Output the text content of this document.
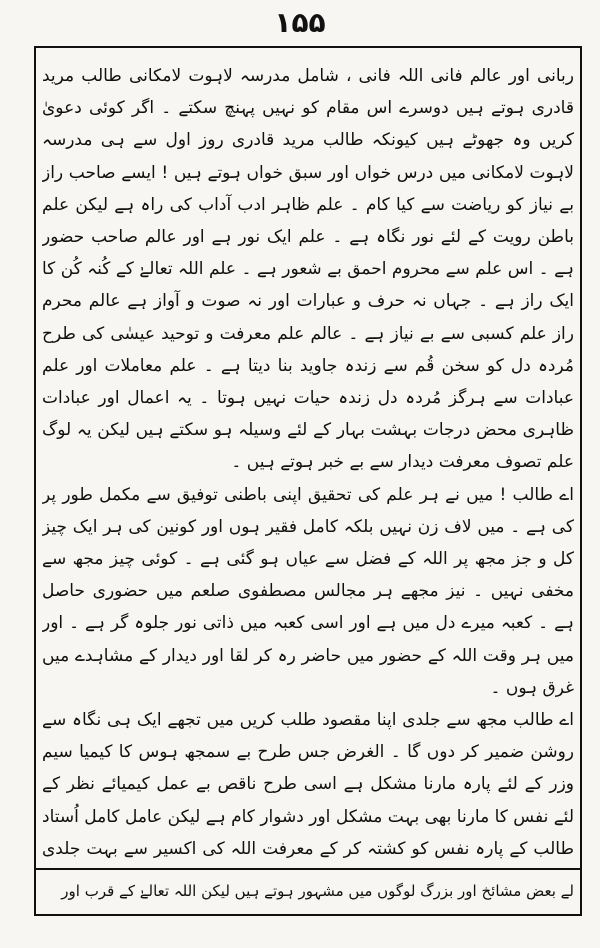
۱۵۵

ربانی اور عالم فانی اللہ فانی ، شامل مدرسہ لاہوت لامکانی طالب مرید قادری ہوتے ہیں دوسرے اس مقام کو نہیں پہنچ سکتے ۔ اگر کوئی دعویٰ کریں وہ جھوٹے ہیں کیونکہ طالب مرید قادری روز اول سے ہی مدرسہ لاہوت لامکانی میں درس خواں اور سبق خواں ہوتے ہیں ! ایسے صاحب راز بے نیاز کو ریاضت سے کیا کام ۔ علم ظاہر ادب آداب کی راہ ہے لیکن علم باطن رویت کے لئے نور نگاہ ہے ۔ علم ایک نور ہے اور عالم صاحب حضور ہے ۔ اس علم سے محروم احمق بے شعور ہے ۔ علم اللہ تعالےٰ کے کُنہ کُن کا ایک راز ہے ۔ جہاں نہ حرف و عبارات اور نہ صوت و آواز ہے عالم محرم راز علم کسبی سے بے نیاز ہے ۔ عالم علم معرفت و توحید عیسٰی کی طرح مُردہ دل کو سخن قُم سے زندہ جاوید بنا دیتا ہے ۔ علم معاملات اور علم عبادات سے ہرگز مُردہ دل زندہ حیات نہیں ہوتا ۔ یہ اعمال اور عبادات ظاہری محض درجات بہشت بہار کے لئے وسیلہ ہو سکتے ہیں لیکن یہ لوگ علم تصوف معرفت دیدار سے بے خبر ہوتے ہیں ۔

اے طالب ! میں نے ہر علم کی تحقیق اپنی باطنی توفیق سے مکمل طور پر کی ہے ۔ میں لاف زن نہیں بلکہ کامل فقیر ہوں اور کونین کی ہر ایک چیز کل و جز مجھ پر اللہ کے فضل سے عیاں ہو گئی ہے ۔ کوئی چیز مجھ سے مخفی نہیں ۔ نیز مجھے ہر مجالس مصطفوی صلعم میں حضوری حاصل ہے ۔ کعبہ میرے دل میں ہے اور اسی کعبہ میں ذاتی نور جلوہ گر ہے ۔ اور میں ہر وقت اللہ کے حضور میں حاضر رہ کر لقا اور دیدار کے مشاہدے میں غرق ہوں ۔

اے طالب مجھ سے جلدی اپنا مقصود طلب کریں میں تجھے ایک ہی نگاہ سے روشن ضمیر کر دوں گا ۔ الغرض جس طرح بے سمجھ ہوس کا کیمیا سیم وزر کے لئے پارہ مارنا مشکل ہے اسی طرح ناقص بے عمل کیمیائے نظر کے لئے نفس کا مارنا بھی بہت مشکل اور دشوار کام ہے لیکن عامل کامل اُستاد طالب کے پارہ نفس کو کشتہ کر کے معرفت اللہ کی اکسیر سے بہت جلدی

لے بعض مشائخ اور بزرگ لوگوں میں مشہور ہوتے ہیں لیکن اللہ تعالےٰ کے قرب اور
